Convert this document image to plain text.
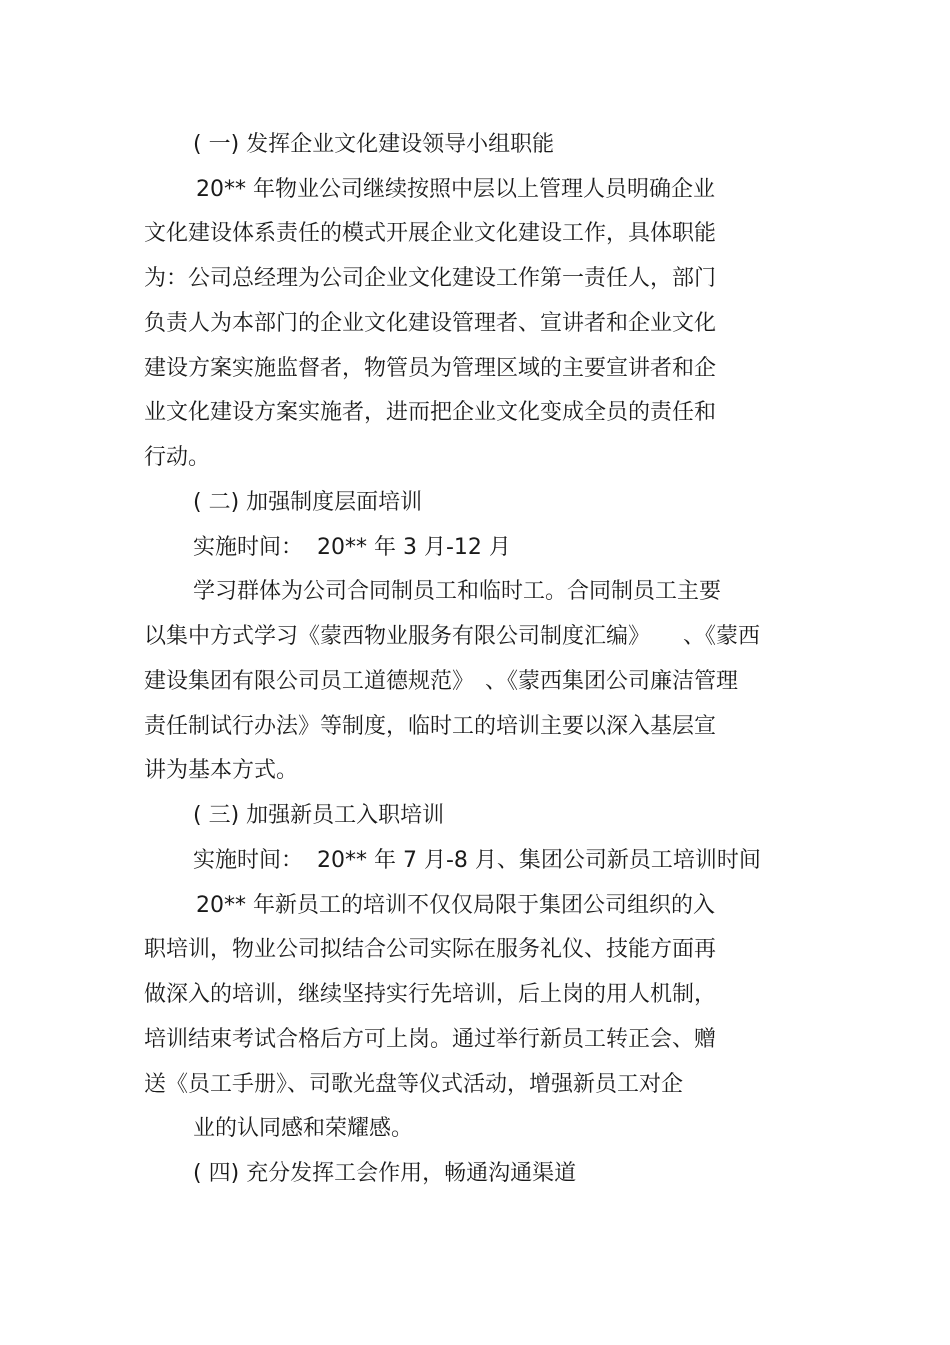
( 一) 发挥企业文化建设领导小组职能
20** 年物业公司继续按照中层以上管理人员明确企业
文化建设体系责任的模式开展企业文化建设工作，具体职能
为：公司总经理为公司企业文化建设工作第一责任人，部门
负责人为本部门的企业文化建设管理者、宣讲者和企业文化
建设方案实施监督者，物管员为管理区域的主要宣讲者和企
业文化建设方案实施者，进而把企业文化变成全员的责任和
行动。
( 二) 加强制度层面培训
实施时间：  20** 年 3 月-12 月
学习群体为公司合同制员工和临时工。合同制员工主要
以集中方式学习《蒙西物业服务有限公司制度汇编》　　、《蒙西
建设集团有限公司员工道德规范》　、《蒙西集团公司廉洁管理
责任制试行办法》等制度，临时工的培训主要以深入基层宣
讲为基本方式。
( 三) 加强新员工入职培训
实施时间：  20** 年 7 月-8 月、集团公司新员工培训时间
20** 年新员工的培训不仅仅局限于集团公司组织的入
职培训，物业公司拟结合公司实际在服务礼仪、技能方面再
做深入的培训，继续坚持实行先培训，后上岗的用人机制，
培训结束考试合格后方可上岗。通过举行新员工转正会、赠
送《员工手册》、司歌光盘等仪式活动，增强新员工对企
业的认同感和荣耀感。
( 四) 充分发挥工会作用，畅通沟通渠道
